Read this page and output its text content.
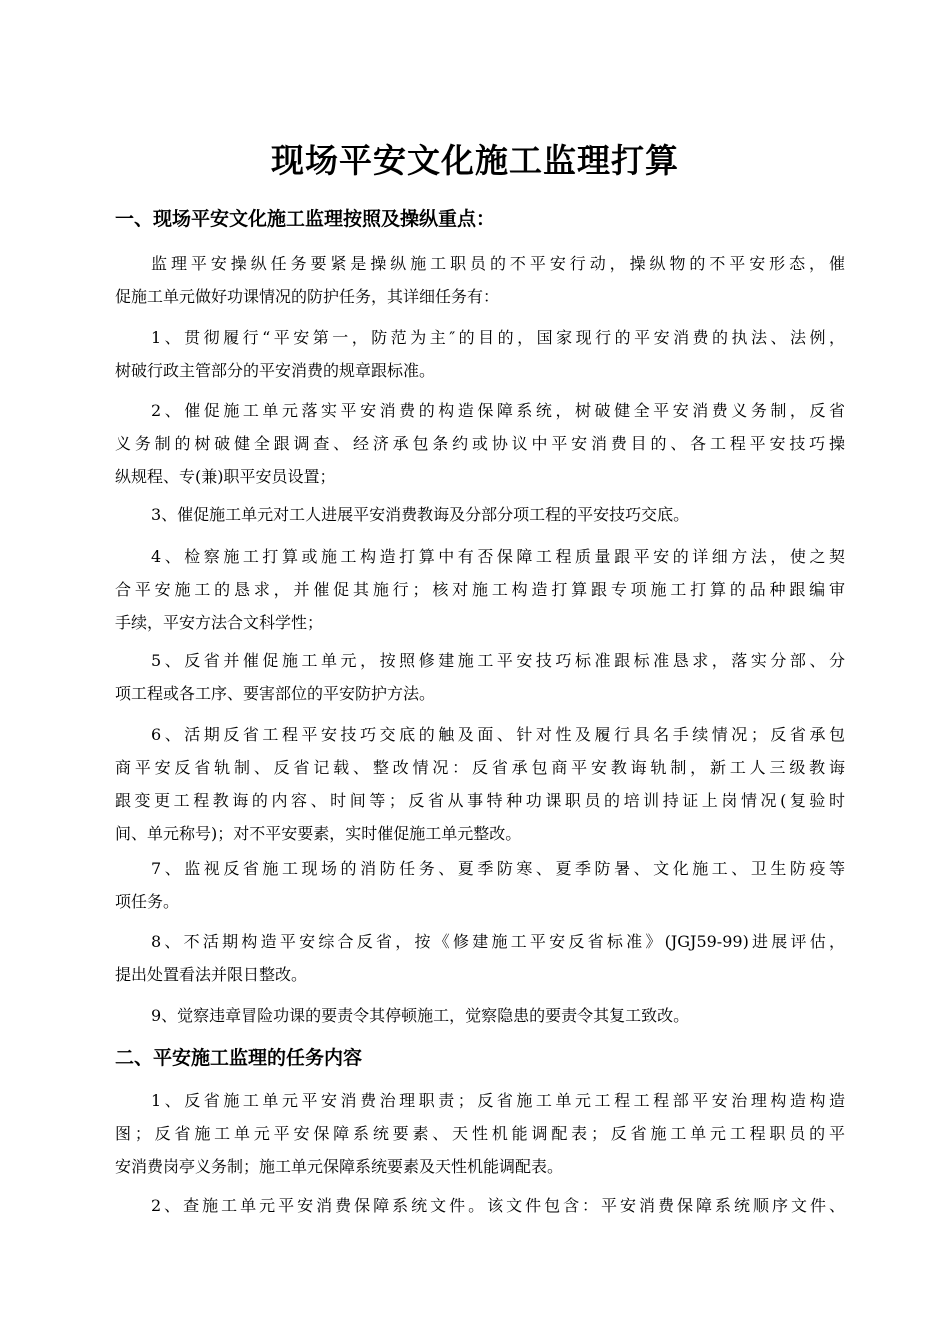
现场平安文化施工监理打算
一、现场平安文化施工监理按照及操纵重点：
监理平安操纵任务要紧是操纵施工职员的不平安行动，操纵物的不平安形态，催
促施工单元做好功课情况的防护任务，其详细任务有：
1、贯彻履行“平安第一，防范为主″的目的，国家现行的平安消费的执法、法例，
树破行政主管部分的平安消费的规章跟标准。
2、催促施工单元落实平安消费的构造保障系统，树破健全平安消费义务制，反省
义务制的树破健全跟调查、经济承包条约或协议中平安消费目的、各工程平安技巧操
纵规程、专(兼)职平安员设置；
3、催促施工单元对工人进展平安消费教诲及分部分项工程的平安技巧交底。
4、检察施工打算或施工构造打算中有否保障工程质量跟平安的详细方法，使之契
合平安施工的恳求，并催促其施行；核对施工构造打算跟专项施工打算的品种跟编审
手续，平安方法合文科学性；
5、反省并催促施工单元，按照修建施工平安技巧标准跟标准恳求，落实分部、分
项工程或各工序、要害部位的平安防护方法。
6、活期反省工程平安技巧交底的触及面、针对性及履行具名手续情况；反省承包
商平安反省轨制、反省记载、整改情况：反省承包商平安教诲轨制，新工人三级教诲
跟变更工程教诲的内容、时间等；反省从事特种功课职员的培训持证上岗情况(复验时
间、单元称号)；对不平安要素，实时催促施工单元整改。
7、监视反省施工现场的消防任务、夏季防寒、夏季防暑、文化施工、卫生防疫等
项任务。
8、不活期构造平安综合反省，按《修建施工平安反省标准》(JGJ59-99)进展评估，
提出处置看法并限日整改。
9、觉察违章冒险功课的要责令其停顿施工，觉察隐患的要责令其复工致改。
二、平安施工监理的任务内容
1、反省施工单元平安消费治理职责；反省施工单元工程工程部平安治理构造构造
图；反省施工单元平安保障系统要素、天性机能调配表；反省施工单元工程职员的平
安消费岗亭义务制；施工单元保障系统要素及天性机能调配表。
2、查施工单元平安消费保障系统文件。该文件包含：平安消费保障系统顺序文件、
